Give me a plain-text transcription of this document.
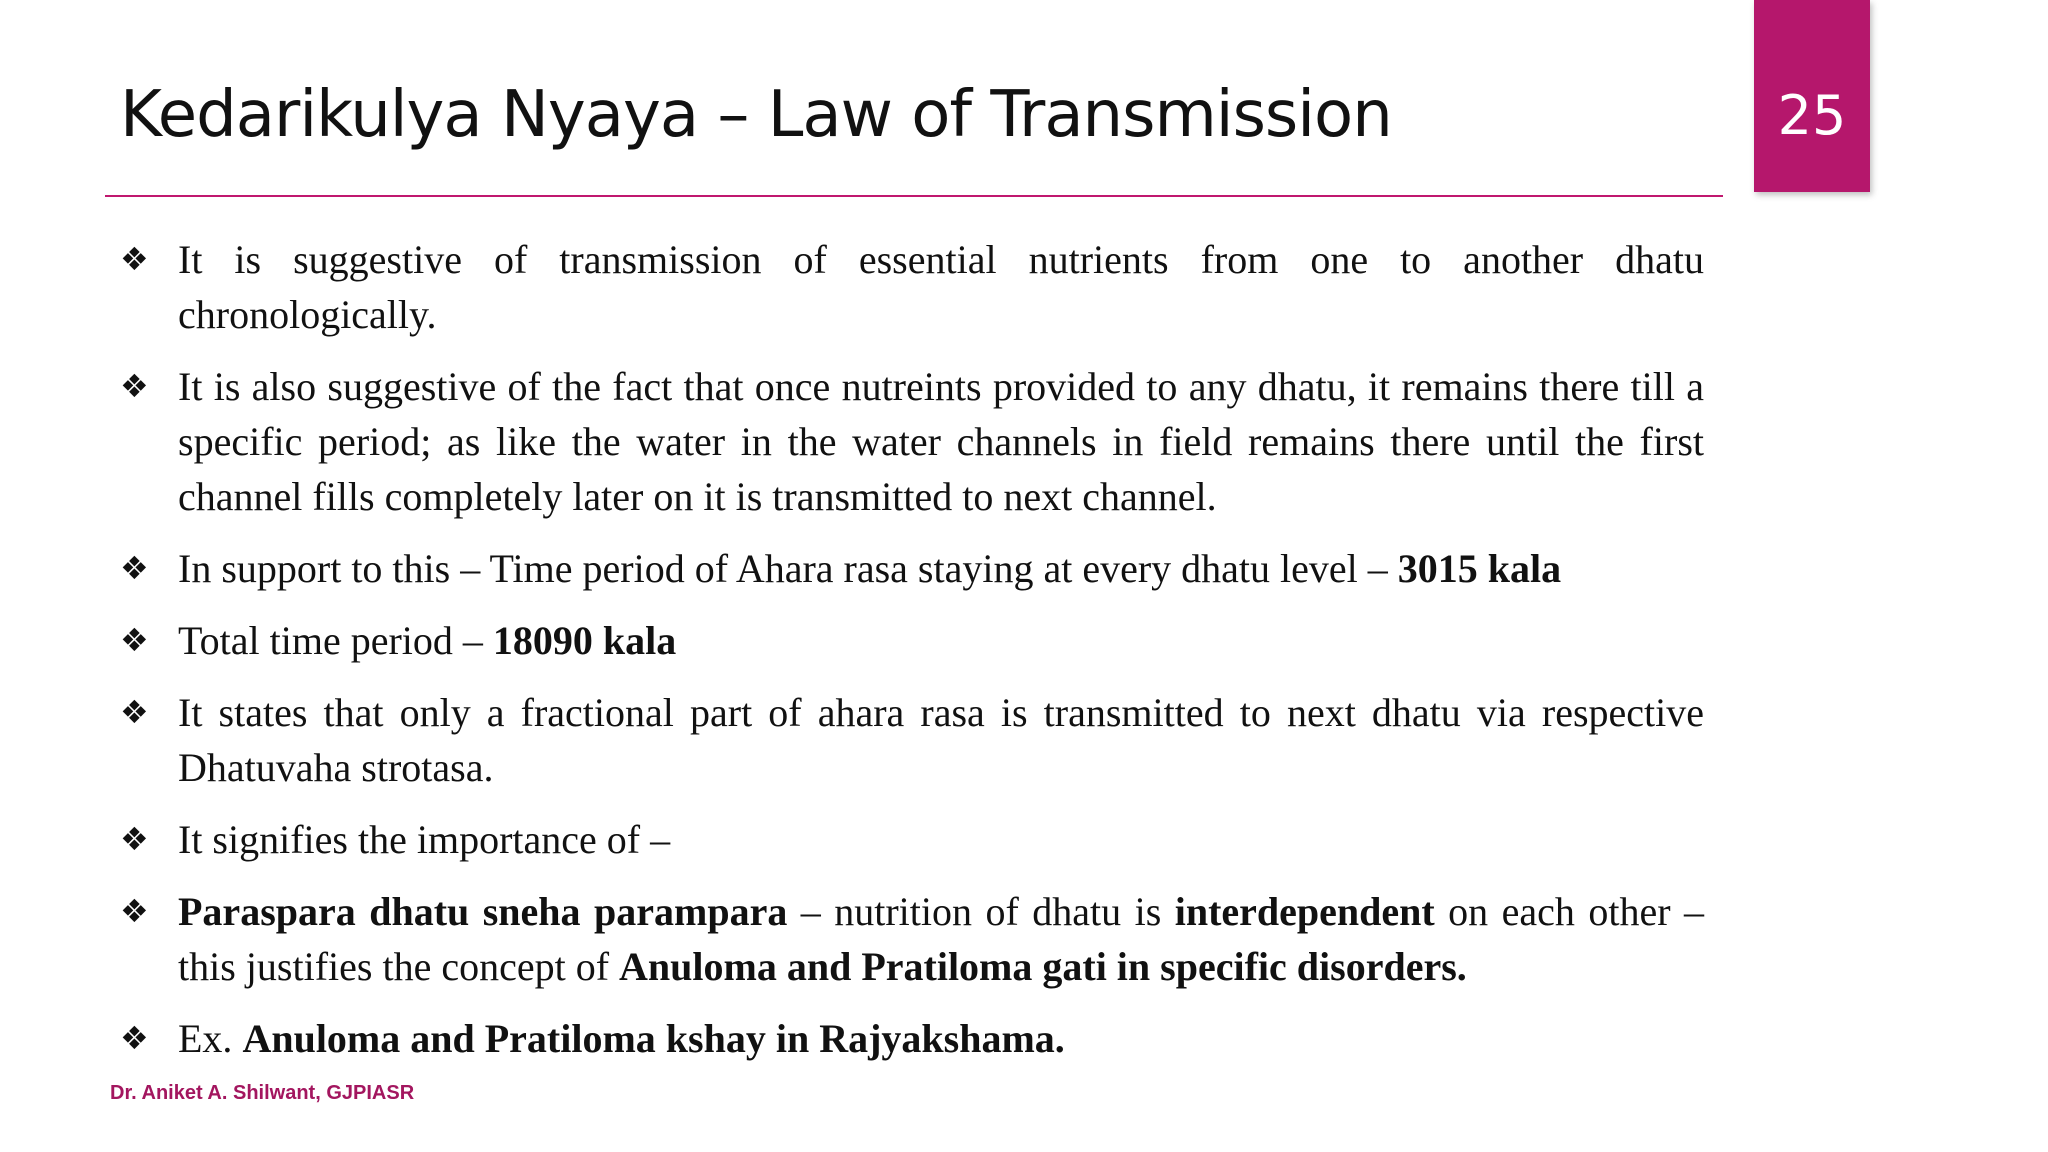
Kedarikulya Nyaya – Law of Transmission	25
❖ It is suggestive of transmission of essential nutrients from one to another dhatu chronologically.
❖ It is also suggestive of the fact that once nutreints provided to any dhatu, it remains there till a specific period; as like the water in the water channels in field remains there until the first channel fills completely later on it is transmitted to next channel.
❖ In support to this – Time period of Ahara rasa staying at every dhatu level – 3015 kala
❖ Total time period – 18090 kala
❖ It states that only a fractional part of ahara rasa is transmitted to next dhatu via respective Dhatuvaha strotasa.
❖ It signifies the importance of –
❖ Paraspara dhatu sneha parampara – nutrition of dhatu is interdependent on each other – this justifies the concept of Anuloma and Pratiloma gati in specific disorders.
❖ Ex. Anuloma and Pratiloma kshay in Rajyakshama.
Dr. Aniket A. Shilwant, GJPIASR
